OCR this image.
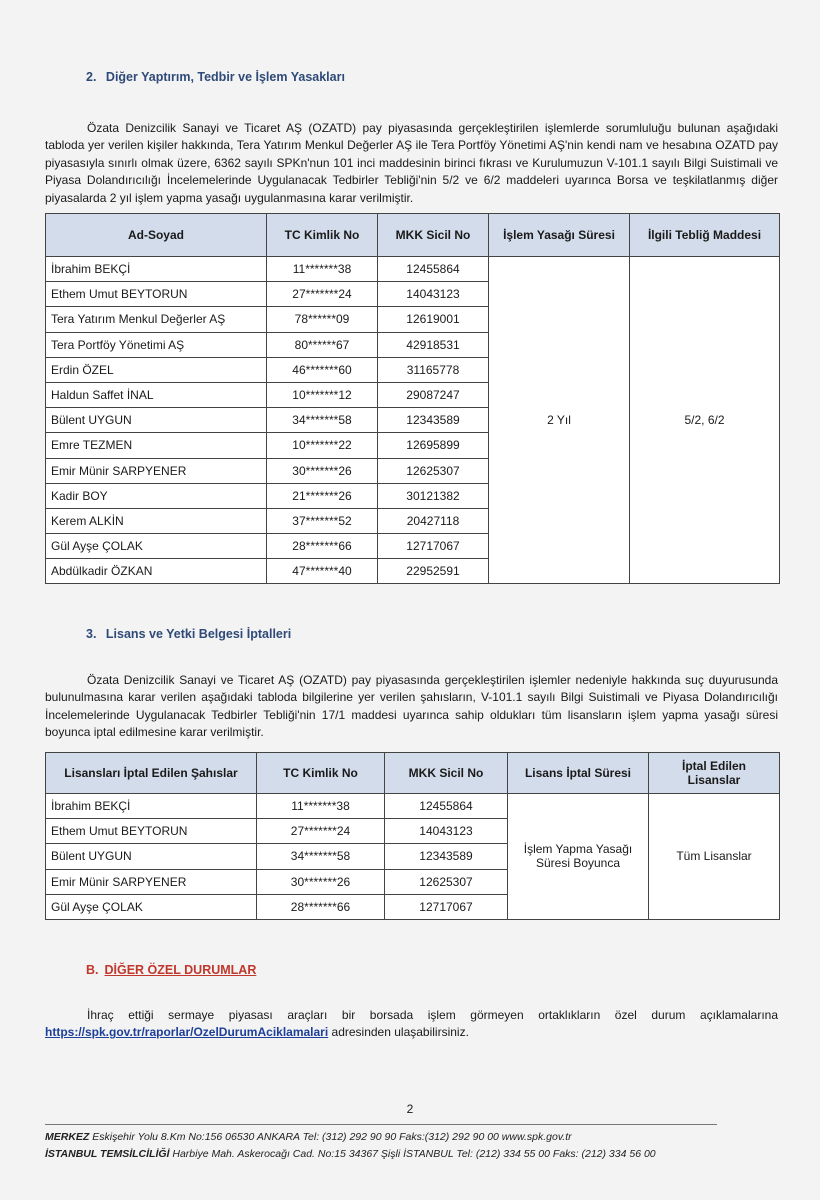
2. Diğer Yaptırım, Tedbir ve İşlem Yasakları
Özata Denizcilik Sanayi ve Ticaret AŞ (OZATD) pay piyasasında gerçekleştirilen işlemlerde sorumluluğu bulunan aşağıdaki tabloda yer verilen kişiler hakkında, Tera Yatırım Menkul Değerler AŞ ile Tera Portföy Yönetimi AŞ'nin kendi nam ve hesabına OZATD pay piyasasıyla sınırlı olmak üzere, 6362 sayılı SPKn'nun 101 inci maddesinin birinci fıkrası ve Kurulumuzun V-101.1 sayılı Bilgi Suistimali ve Piyasa Dolandırıcılığı İncelemelerinde Uygulanacak Tedbirler Tebliği'nin 5/2 ve 6/2 maddeleri uyarınca Borsa ve teşkilatlanmış diğer piyasalarda 2 yıl işlem yapma yasağı uygulanmasına karar verilmiştir.
Ad-Soyad	TC Kimlik No	MKK Sicil No	İşlem Yasağı Süresi	İlgili Tebliğ Maddesi
İbrahim BEKÇİ	11*******38	12455864	2 Yıl	5/2, 6/2
Ethem Umut BEYTORUN	27*******24	14043123		
Tera Yatırım Menkul Değerler AŞ	78******09	12619001		
Tera Portföy Yönetimi AŞ	80******67	42918531		
Erdin ÖZEL	46*******60	31165778		
Haldun Saffet İNAL	10*******12	29087247		
Bülent UYGUN	34*******58	12343589		
Emre TEZMEN	10*******22	12695899		
Emir Münir SARPYENER	30*******26	12625307		
Kadir BOY	21*******26	30121382		
Kerem ALKİN	37*******52	20427118		
Gül Ayşe ÇOLAK	28*******66	12717067		
Abdülkadir ÖZKAN	47*******40	22952591		
3. Lisans ve Yetki Belgesi İptalleri
Özata Denizcilik Sanayi ve Ticaret AŞ (OZATD) pay piyasasında gerçekleştirilen işlemler nedeniyle hakkında suç duyurusunda bulunulmasına karar verilen aşağıdaki tabloda bilgilerine yer verilen şahısların, V-101.1 sayılı Bilgi Suistimali ve Piyasa Dolandırıcılığı İncelemelerinde Uygulanacak Tedbirler Tebliği'nin 17/1 maddesi uyarınca sahip oldukları tüm lisansların işlem yapma yasağı süresi boyunca iptal edilmesine karar verilmiştir.
Lisansları İptal Edilen Şahıslar	TC Kimlik No	MKK Sicil No	Lisans İptal Süresi	İptal Edilen Lisanslar
İbrahim BEKÇİ	11*******38	12455864	İşlem Yapma Yasağı Süresi Boyunca	Tüm Lisanslar
Ethem Umut BEYTORUN	27*******24	14043123		
Bülent UYGUN	34*******58	12343589		
Emir Münir SARPYENER	30*******26	12625307		
Gül Ayşe ÇOLAK	28*******66	12717067		
B. DİĞER ÖZEL DURUMLAR
İhraç ettiği sermaye piyasası araçları bir borsada işlem görmeyen ortaklıkların özel durum açıklamalarına https://spk.gov.tr/raporlar/OzelDurumAciklamalari adresinden ulaşabilirsiniz.
2
MERKEZ Eskişehir Yolu 8.Km No:156 06530 ANKARA Tel: (312) 292 90 90 Faks:(312) 292 90 00 www.spk.gov.tr
İSTANBUL TEMSİLCİLİĞİ Harbiye Mah. Askerocağı Cad. No:15 34367 Şişli İSTANBUL Tel: (212) 334 55 00 Faks: (212) 334 56 00
